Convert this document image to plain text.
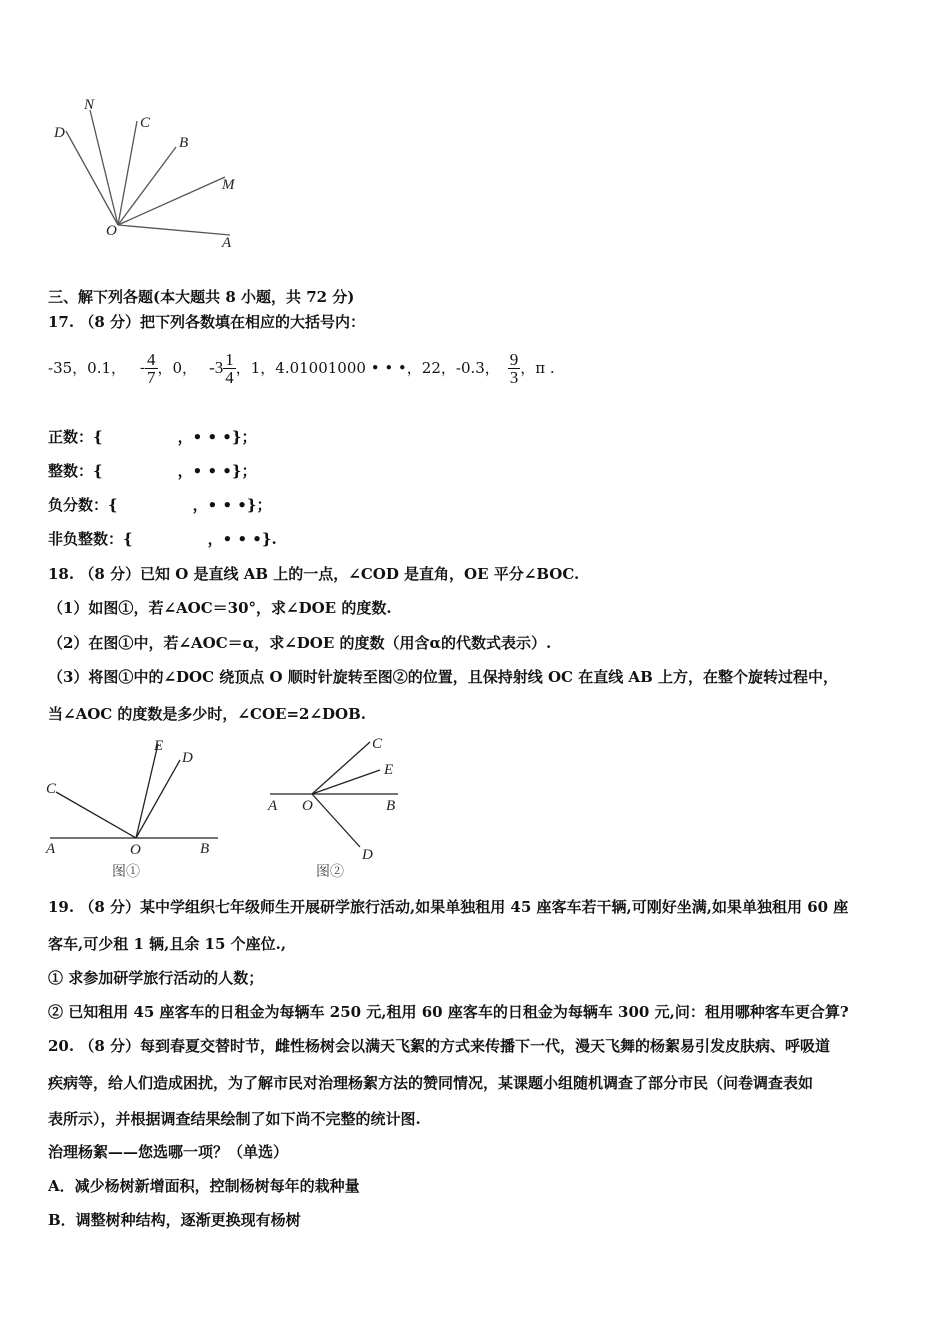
N
D
C
B
M
O
A
三、解下列各题(本大题共 8 小题，共 72 分)
17. （8 分）把下列各数填在相应的大括号内：
-35，0.1， - $\frac{4}{7}$ ，0， $-3 \frac{1}{4}$ ，1，4.01001000 • • •，22，-0.3， $\frac{9}{3}$ ，π .
正数：{　　　　　，• • •}；
整数：{　　　　　，• • •}；
负分数：{　　　　　，• • •}；
非负整数：{　　　　　，• • •}.
18. （8 分）已知 O 是直线 AB 上的一点，∠COD 是直角，OE 平分∠BOC.
（1）如图①，若∠AOC＝30°，求∠DOE 的度数.
（2）在图①中，若∠AOC＝α，求∠DOE 的度数（用含α的代数式表示）.
（3）将图①中的∠DOC 绕顶点 O 顺时针旋转至图②的位置，且保持射线 OC 在直线 AB 上方，在整个旋转过程中，
当∠AOC 的度数是多少时，∠COE=2∠DOB.
E
D
C
A	O	B
图①
C
E
A O	B
D
图②
19. （8 分）某中学组织七年级师生开展研学旅行活动,如果单独租用 45 座客车若干辆,可刚好坐满,如果单独租用 60 座
客车,可少租 1 辆,且余 15 个座位.,
① 求参加研学旅行活动的人数；
② 已知租用 45 座客车的日租金为每辆车 250 元,租用 60 座客车的日租金为每辆车 300 元,问：租用哪种客车更合算?
20. （8 分）每到春夏交替时节，雌性杨树会以满天飞絮的方式来传播下一代，漫天飞舞的杨絮易引发皮肤病、呼吸道
疾病等，给人们造成困扰，为了解市民对治理杨絮方法的赞同情况，某课题小组随机调查了部分市民（问卷调查表如
表所示），并根据调查结果绘制了如下尚不完整的统计图.
治理杨絮——您选哪一项？（单选）
A．减少杨树新增面积，控制杨树每年的栽种量
B．调整树种结构，逐渐更换现有杨树
